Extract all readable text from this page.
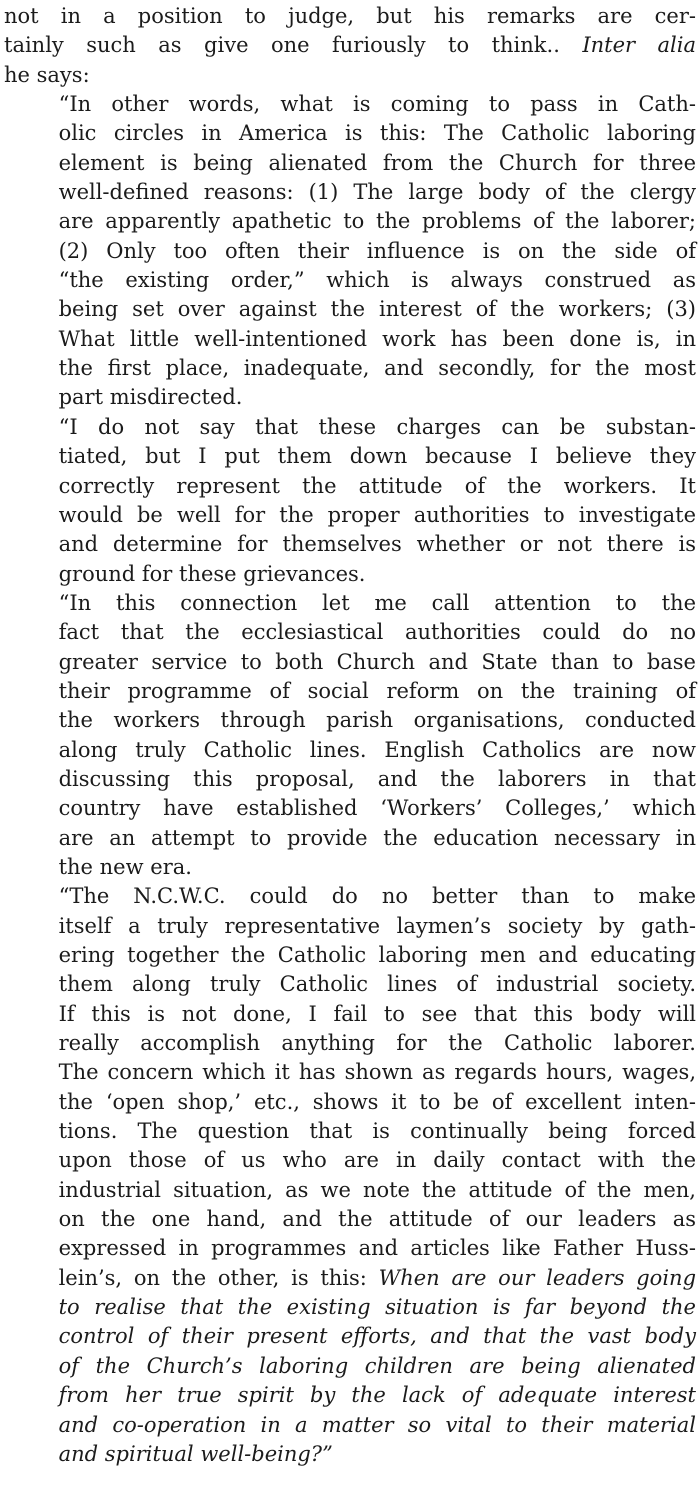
not in a position to judge, but his remarks are cer-
tainly such as give one furiously to think.. Inter alia
he says:

“In other words, what is coming to pass in Cath-
olic circles in America is this: The Catholic laboring
element is being alienated from the Church for three
well-defined reasons: (1) The large body of the clergy
are apparently apathetic to the problems of the laborer;
(2) Only too often their influence is on the side of
“the existing order,” which is always construed as
being set over against the interest of the workers; (3)
What little well-intentioned work has been done is, in
the first place, inadequate, and secondly, for the most
part misdirected.

“I do not say that these charges can be substan-
tiated, but I put them down because I believe they
correctly represent the attitude of the workers. It
would be well for the proper authorities to investigate
and determine for themselves whether or not there is
ground for these grievances.

“In this connection let me call attention to the
fact that the ecclesiastical authorities could do no
greater service to both Church and State than to base
their programme of social reform on the training of
the workers through parish organisations, conducted
along truly Catholic lines. English Catholics are now
discussing this proposal, and the laborers in that
country have established ‘Workers’ Colleges,’ which
are an attempt to provide the education necessary in
the new era.

“The N.C.W.C. could do no better than to make
itself a truly representative laymen’s society by gath-
ering together the Catholic laboring men and educating
them along truly Catholic lines of industrial society.
If this is not done, I fail to see that this body will
really accomplish anything for the Catholic laborer.
The concern which it has shown as regards hours, wages,
the ‘open shop,’ etc., shows it to be of excellent inten-
tions. The question that is continually being forced
upon those of us who are in daily contact with the
industrial situation, as we note the attitude of the men,
on the one hand, and the attitude of our leaders as
expressed in programmes and articles like Father Huss-
lein’s, on the other, is this: When are our leaders going
to realise that the existing situation is far beyond the
control of their present efforts, and that the vast body
of the Church’s laboring children are being alienated
from her true spirit by the lack of adequate interest
and co-operation in a matter so vital to their material
and spiritual well-being?”
